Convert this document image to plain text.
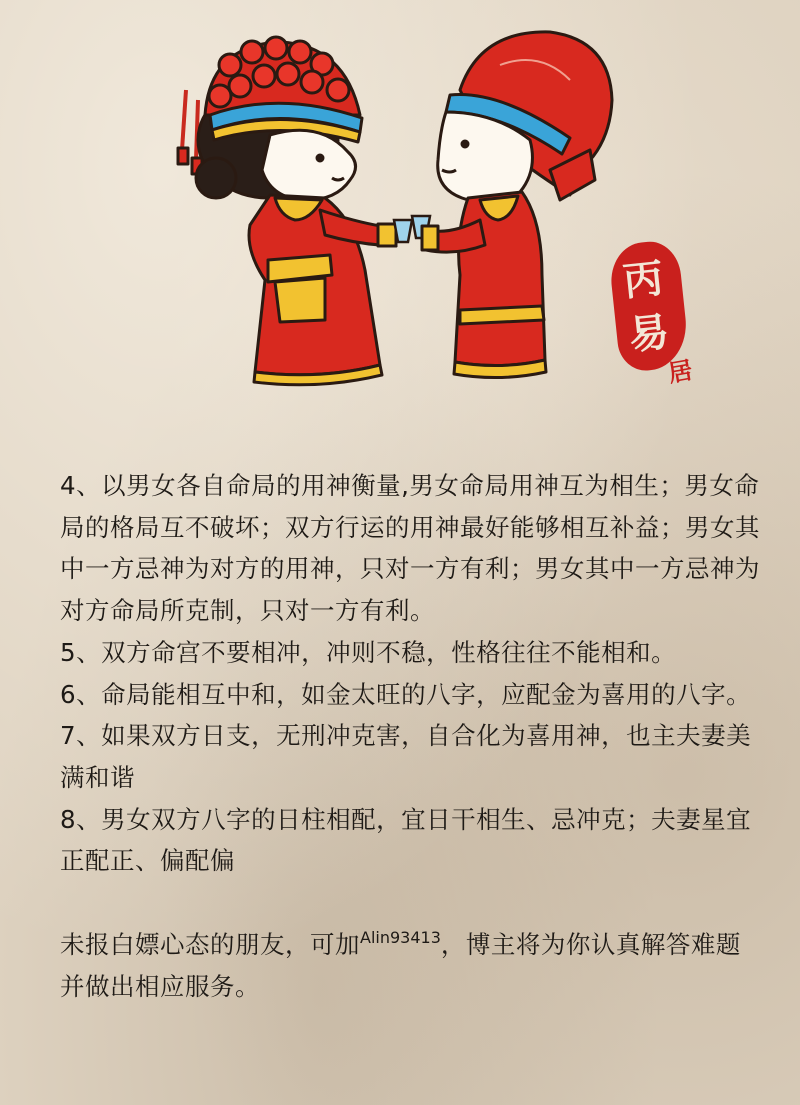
丙
易
居

4、以男女各自命局的用神衡量,男女命局用神互为相生；男女命局的格局互不破坏；双方行运的用神最好能够相互补益；男女其中一方忌神为对方的用神，只对一方有利；男女其中一方忌神为对方命局所克制，只对一方有利。

5、双方命宫不要相冲，冲则不稳，性格往往不能相和。

6、命局能相互中和，如金太旺的八字，应配金为喜用的八字。

7、如果双方日支，无刑冲克害，自合化为喜用神，也主夫妻美满和谐

8、男女双方八字的日柱相配，宜日干相生、忌冲克；夫妻星宜正配正、偏配偏

未报白嫖心态的朋友，可加$^{Alin93413}$，博主将为你认真解答难题并做出相应服务。
